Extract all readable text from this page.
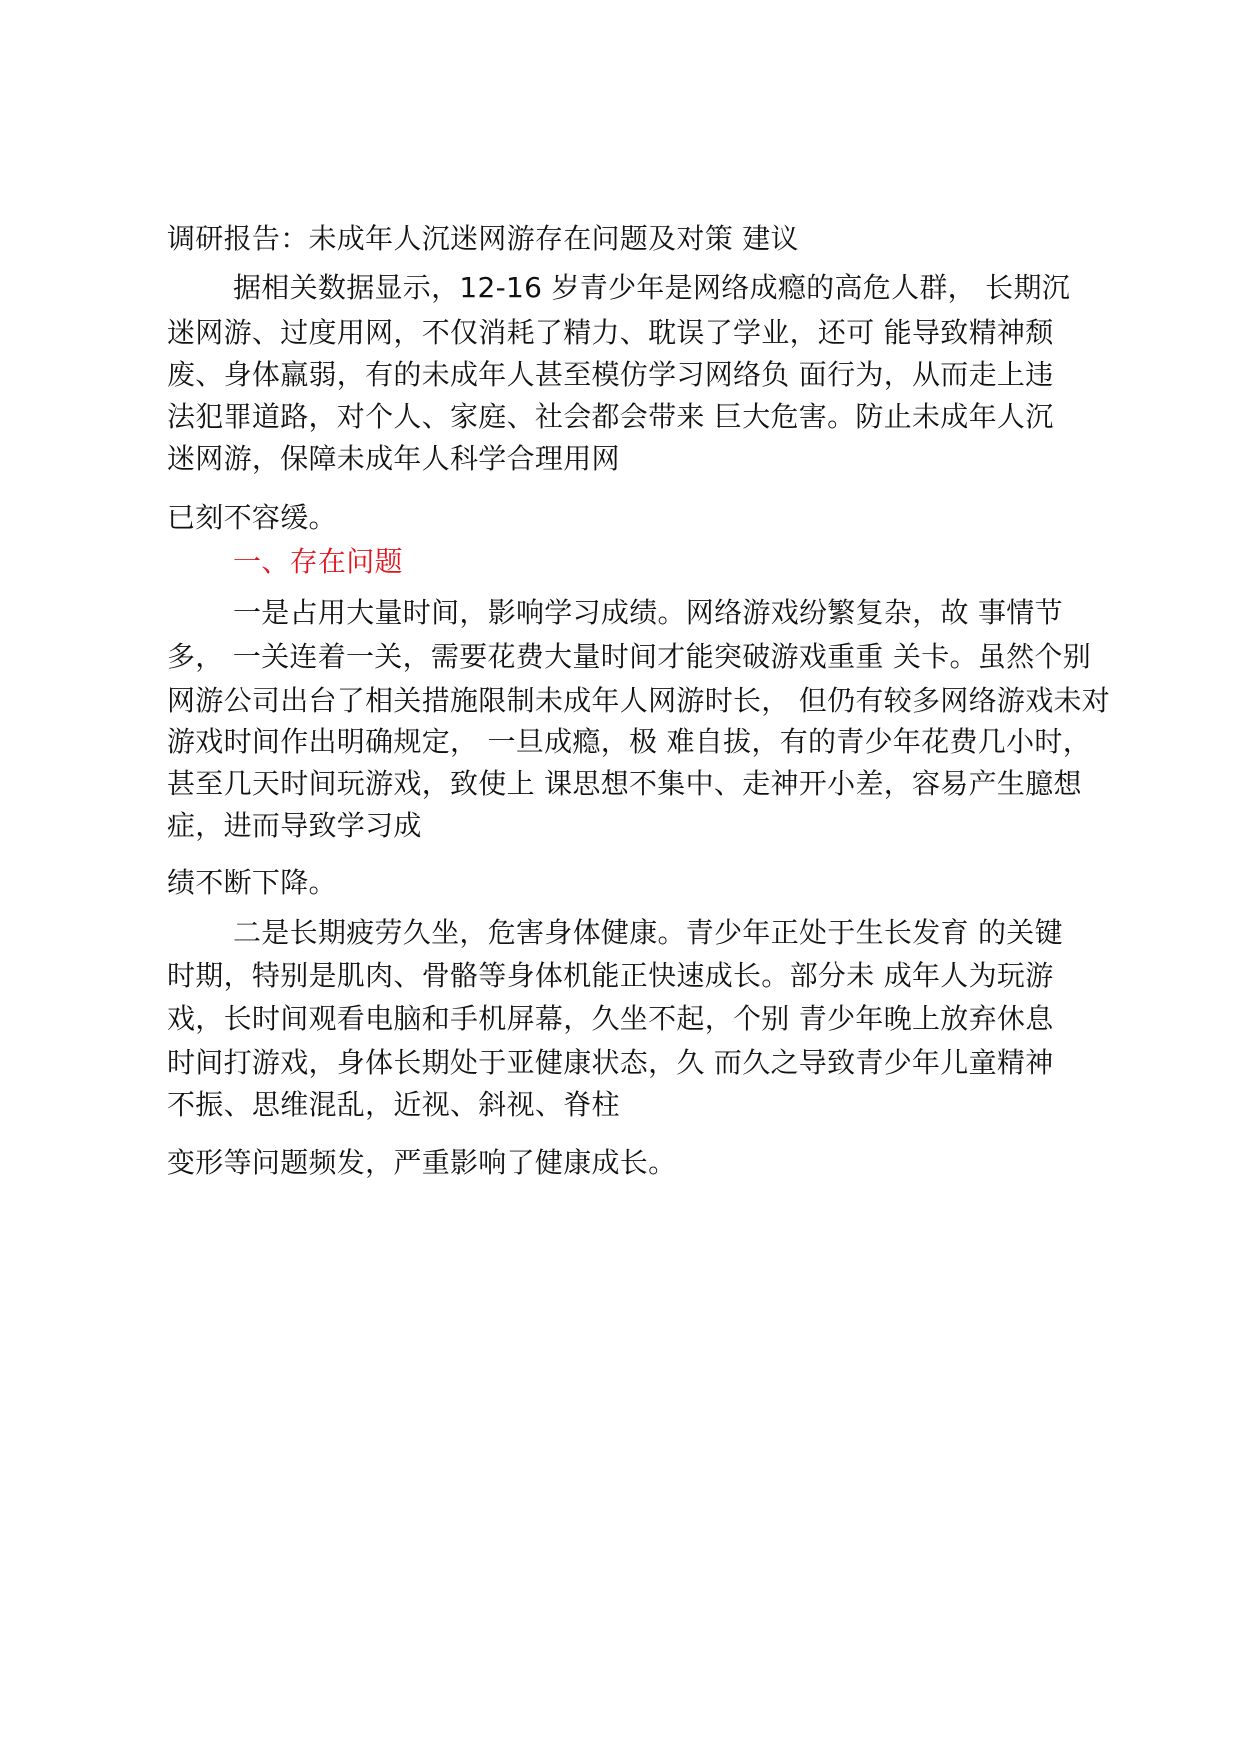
调研报告：未成年人沉迷网游存在问题及对策 建议
据相关数据显示，12-16 岁青少年是网络成瘾的高危人群， 长期沉
迷网游、过度用网，不仅消耗了精力、耽误了学业，还可 能导致精神颓
废、身体羸弱，有的未成年人甚至模仿学习网络负 面行为，从而走上违
法犯罪道路，对个人、家庭、社会都会带来 巨大危害。防止未成年人沉
迷网游，保障未成年人科学合理用网
已刻不容缓。
一、存在问题
一是占用大量时间，影响学习成绩。网络游戏纷繁复杂，故 事情节
多， 一关连着一关，需要花费大量时间才能突破游戏重重 关卡。虽然个别
网游公司出台了相关措施限制未成年人网游时长， 但仍有较多网络游戏未对
游戏时间作出明确规定， 一旦成瘾，极 难自拔，有的青少年花费几小时，
甚至几天时间玩游戏，致使上 课思想不集中、走神开小差，容易产生臆想
症，进而导致学习成
绩不断下降。
二是长期疲劳久坐，危害身体健康。青少年正处于生长发育 的关键
时期，特别是肌肉、骨骼等身体机能正快速成长。部分未 成年人为玩游
戏，长时间观看电脑和手机屏幕，久坐不起，个别 青少年晚上放弃休息
时间打游戏，身体长期处于亚健康状态，久 而久之导致青少年儿童精神
不振、思维混乱，近视、斜视、脊柱
变形等问题频发，严重影响了健康成长。
